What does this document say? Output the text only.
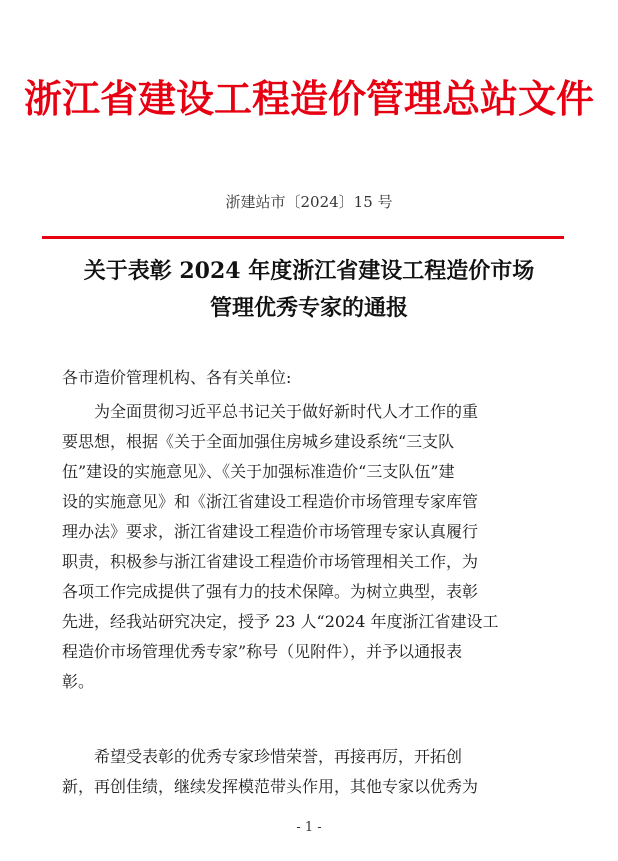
浙江省建设工程造价管理总站文件
浙建站市〔2024〕15 号
关于表彰 2024 年度浙江省建设工程造价市场
管理优秀专家的通报
各市造价管理机构、各有关单位:
为全面贯彻习近平总书记关于做好新时代人才工作的重
要思想，根据《关于全面加强住房城乡建设系统“三支队
伍”建设的实施意见》、《关于加强标准造价“三支队伍”建
设的实施意见》和《浙江省建设工程造价市场管理专家库管
理办法》要求，浙江省建设工程造价市场管理专家认真履行
职责，积极参与浙江省建设工程造价市场管理相关工作，为
各项工作完成提供了强有力的技术保障。为树立典型，表彰
先进，经我站研究决定，授予 23 人“2024 年度浙江省建设工
程造价市场管理优秀专家”称号（见附件），并予以通报表
彰。
希望受表彰的优秀专家珍惜荣誉，再接再厉，开拓创
新，再创佳绩，继续发挥模范带头作用，其他专家以优秀为
- 1 -
